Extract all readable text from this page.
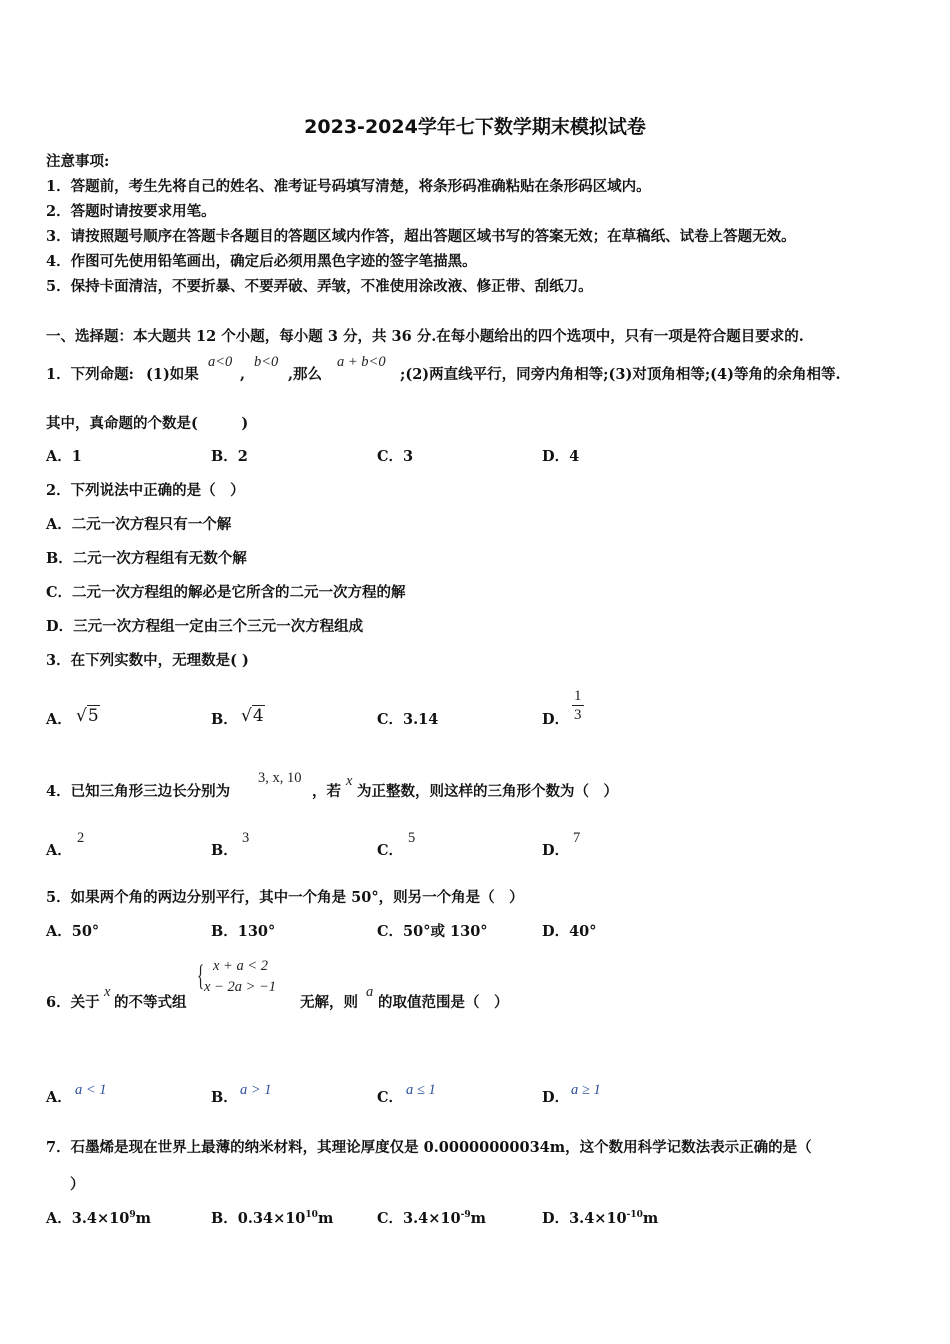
2023-2024学年七下数学期末模拟试卷
注意事项:
1．答题前，考生先将自己的姓名、准考证号码填写清楚，将条形码准确粘贴在条形码区域内。
2．答题时请按要求用笔。
3．请按照题号顺序在答题卡各题目的答题区域内作答，超出答题区域书写的答案无效；在草稿纸、试卷上答题无效。
4．作图可先使用铅笔画出，确定后必须用黑色字迹的签字笔描黑。
5．保持卡面清洁，不要折暴、不要弄破、弄皱，不准使用涂改液、修正带、刮纸刀。
一、选择题：本大题共 12 个小题，每小题 3 分，共 36 分.在每小题给出的四个选项中，只有一项是符合题目要求的.
1．下列命题: (1)如果
a<0
,
b<0
,那么
a + b<0
;(2)两直线平行，同旁内角相等;(3)对顶角相等;(4)等角的余角相等.
其中，真命题的个数是(　　　)
A．1	B．2	C．3	D．4
2．下列说法中正确的是（　）
A．二元一次方程只有一个解
B．二元一次方程组有无数个解
C．二元一次方程组的解必是它所含的二元一次方程的解
D．三元一次方程组一定由三个三元一次方程组成
3．在下列实数中，无理数是( )
A． √5	B． √4	C．3.14	D． $\frac{1}{3}$
4．已知三角形三边长分别为
3, x, 10
，若
x
为正整数，则这样的三角形个数为（　）
A．
2
B．
3
C．
5
D．
7
5．如果两个角的两边分别平行，其中一个角是 50°，则另一个角是（　）
A．50°	B．130°	C．50°或 130°	D．40°
6．关于
x
的不等式组
{ x + a < 2
x − 2a > −1
无解，则
a
的取值范围是（　）
A． a < 1	B． a > 1	C． a ≤ 1	D． a ≥ 1
7．石墨烯是现在世界上最薄的纳米材料，其理论厚度仅是 0.00000000034m，这个数用科学记数法表示正确的是（
）
A．$3.4\times 10^9m$	B．$0.34\times 10^{10}m$	C．$3.4\times 10^{-9}m$	D．$3.4\times 10^{-10}m$
